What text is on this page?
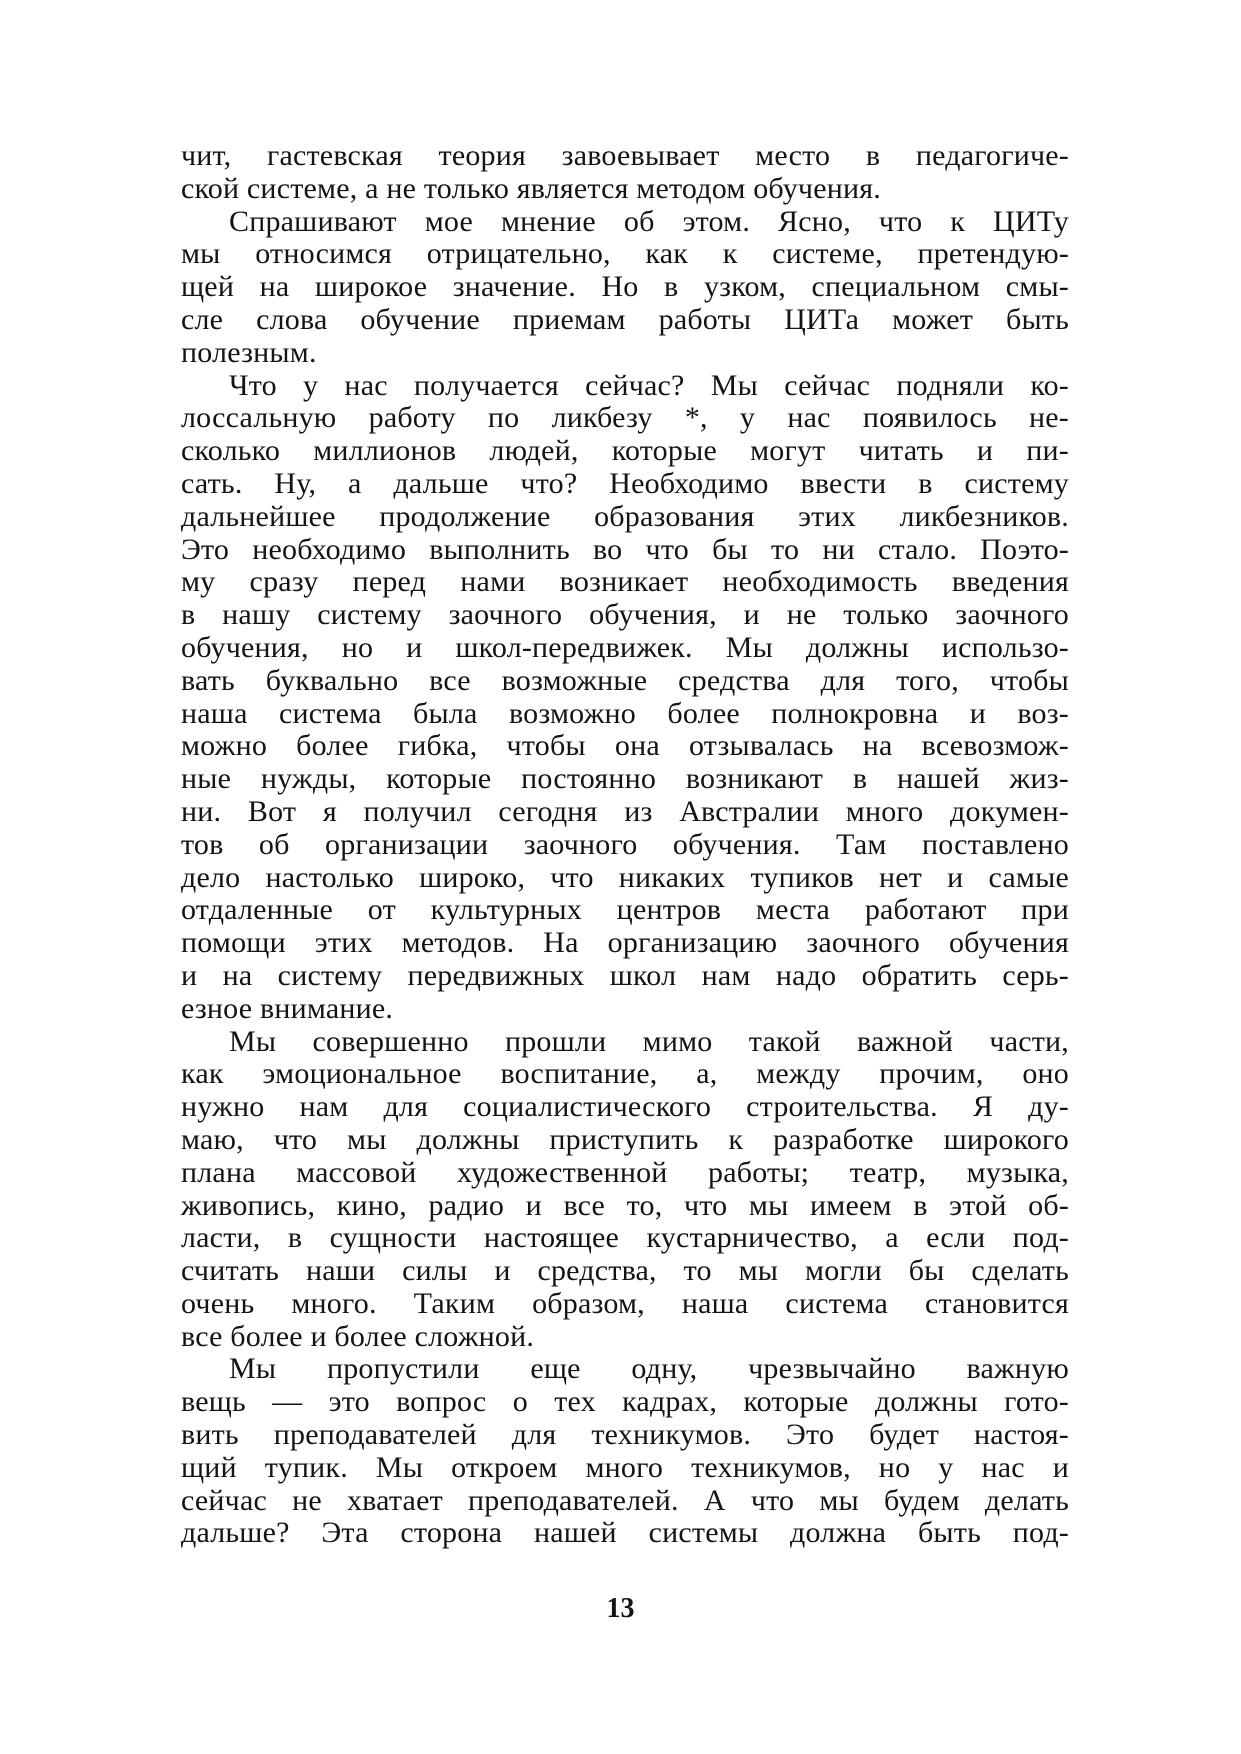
чит, гастевская теория завоевывает место в педагогиче-
ской системе, а не только является методом обучения.
Спрашивают мое мнение об этом. Ясно, что к ЦИТу
мы относимся отрицательно, как к системе, претендую-
щей на широкое значение. Но в узком, специальном смы-
сле слова обучение приемам работы ЦИТа может быть
полезным.
Что у нас получается сейчас? Мы сейчас подняли ко-
лоссальную работу по ликбезу *, у нас появилось не-
сколько миллионов людей, которые могут читать и пи-
сать. Ну, а дальше что? Необходимо ввести в систему
дальнейшее продолжение образования этих ликбезников.
Это необходимо выполнить во что бы то ни стало. Поэто-
му сразу перед нами возникает необходимость введения
в нашу систему заочного обучения, и не только заочного
обучения, но и школ-передвижек. Мы должны использо-
вать буквально все возможные средства для того, чтобы
наша система была возможно более полнокровна и воз-
можно более гибка, чтобы она отзывалась на всевозмож-
ные нужды, которые постоянно возникают в нашей жиз-
ни. Вот я получил сегодня из Австралии много докумен-
тов об организации заочного обучения. Там поставлено
дело настолько широко, что никаких тупиков нет и самые
отдаленные от культурных центров места работают при
помощи этих методов. На организацию заочного обучения
и на систему передвижных школ нам надо обратить серь-
езное внимание.
Мы совершенно прошли мимо такой важной части,
как эмоциональное воспитание, а, между прочим, оно
нужно нам для социалистического строительства. Я ду-
маю, что мы должны приступить к разработке широкого
плана массовой художественной работы; театр, музыка,
живопись, кино, радио и все то, что мы имеем в этой об-
ласти, в сущности настоящее кустарничество, а если под-
считать наши силы и средства, то мы могли бы сделать
очень много. Таким образом, наша система становится
все более и более сложной.
Мы пропустили еще одну, чрезвычайно важную
вещь — это вопрос о тех кадрах, которые должны гото-
вить преподавателей для техникумов. Это будет настоя-
щий тупик. Мы откроем много техникумов, но у нас и
сейчас не хватает преподавателей. А что мы будем делать
дальше? Эта сторона нашей системы должна быть под-
13
